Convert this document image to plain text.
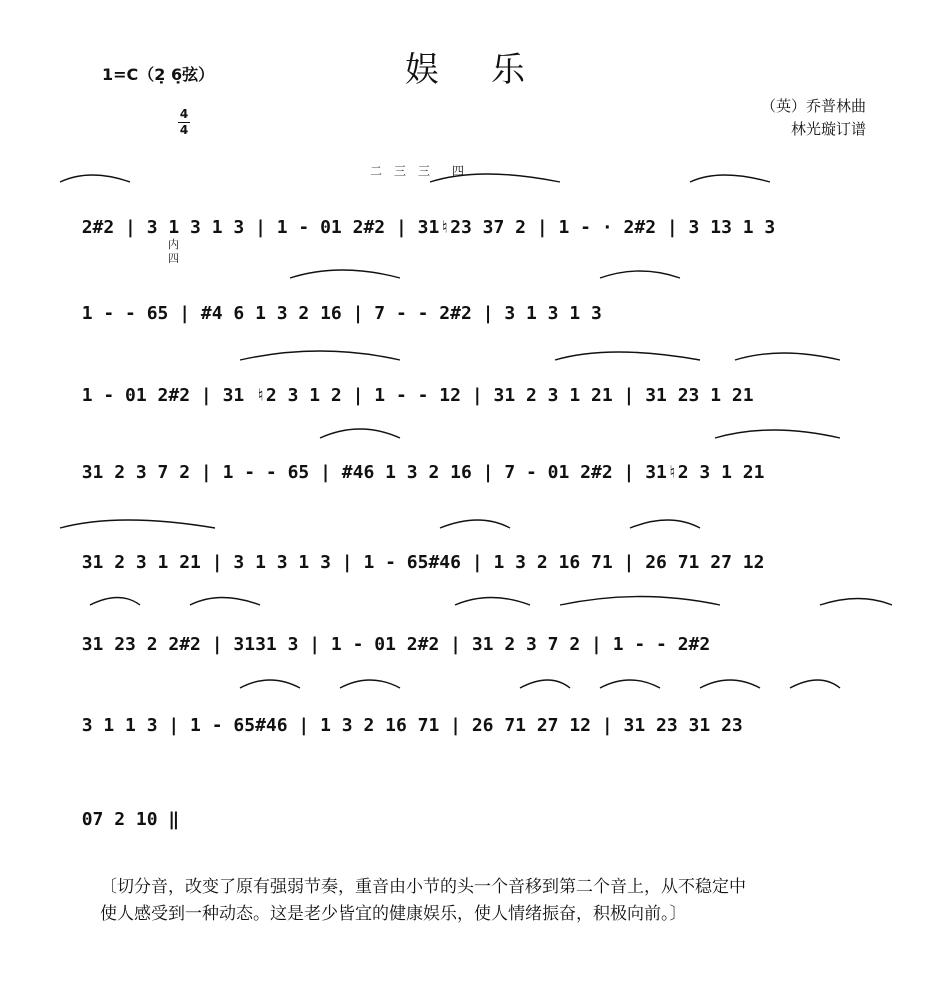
娱乐
1=C（2̣ 6̣弦）
4
4
（英）乔普林曲
林光璇订谱

2#2 | 3 1 3 1 3 | 1 - 01 2#2 | 31♮23 37 2 | 1 - · 2#2 | 3 13 1 3

1 - - 65 | #4 6 1 3 2 16 | 7 - - 2#2 | 3 1 3 1 3

1 - 01 2#2 | 31 ♮2 3 1 2 | 1 - - 12 | 31 2 3 1 21 | 31 23 1 21

31 2 3 7 2 | 1 - - 65 | #46 1 3 2 16 | 7 - 01 2#2 | 31♮2 3 1 21

31 2 3 1 21 | 3 1 3 1 3 | 1 - 65#46 | 1 3 2 16 71 | 26 71 27 12

31 23 2 2#2 | 3131 3 | 1 - 01 2#2 | 31 2 3 7 2 | 1 - - 2#2

3 1 1 3 | 1 - 65#46 | 1 3 2 16 71 | 26 71 27 12 | 31 23 31 23

07 2 10 ‖

二三三 四
内
四
〔切分音，改变了原有强弱节奏，重音由小节的头一个音移到第二个音上，从不稳定中
使人感受到一种动态。这是老少皆宜的健康娱乐，使人情绪振奋，积极向前。〕
